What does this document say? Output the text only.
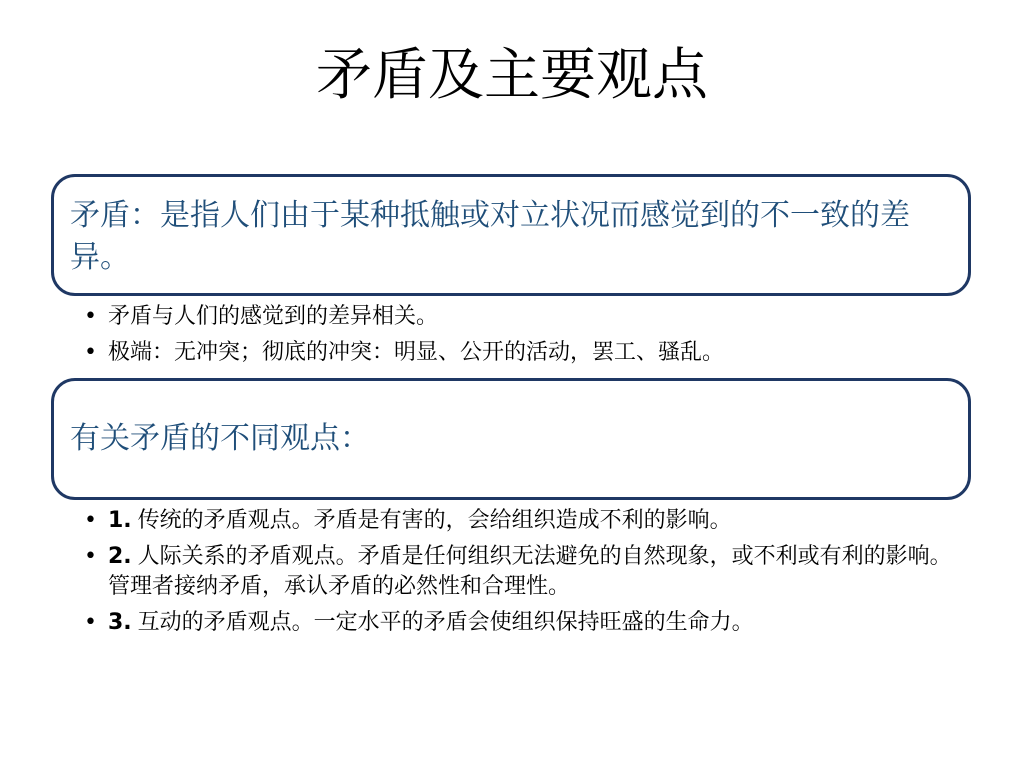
矛盾及主要观点
矛盾：是指人们由于某种抵触或对立状况而感觉到的不一致的差异。
• 矛盾与人们的感觉到的差异相关。
• 极端：无冲突；彻底的冲突：明显、公开的活动，罢工、骚乱。
有关矛盾的不同观点：
• 1. 传统的矛盾观点。矛盾是有害的，会给组织造成不利的影响。
• 2. 人际关系的矛盾观点。矛盾是任何组织无法避免的自然现象，或不利或有利的影响。管理者接纳矛盾，承认矛盾的必然性和合理性。
• 3. 互动的矛盾观点。一定水平的矛盾会使组织保持旺盛的生命力。
